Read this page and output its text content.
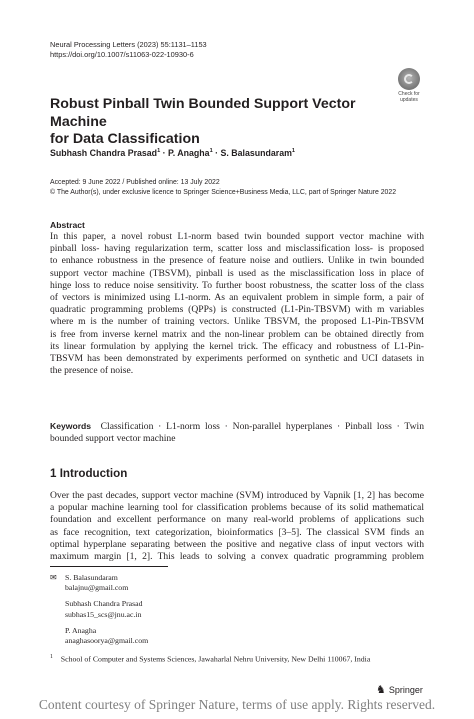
Neural Processing Letters (2023) 55:1131–1153
https://doi.org/10.1007/s11063-022-10930-6
Check for
updates
Robust Pinball Twin Bounded Support Vector Machine
for Data Classification
Subhash Chandra Prasad$^1$ · P. Anagha$^1$ · S. Balasundaram$^1$
Accepted: 9 June 2022 / Published online: 13 July 2022
© The Author(s), under exclusive licence to Springer Science+Business Media, LLC, part of Springer Nature 2022
Abstract
In this paper, a novel robust L1-norm based twin bounded support vector machine with
pinball loss- having regularization term, scatter loss and misclassification loss- is proposed
to enhance robustness in the presence of feature noise and outliers. Unlike in twin bounded
support vector machine (TBSVM), pinball is used as the misclassification loss in place of
hinge loss to reduce noise sensitivity. To further boost robustness, the scatter loss of the class
of vectors is minimized using L1-norm. As an equivalent problem in simple form, a pair of
quadratic programming problems (QPPs) is constructed (L1-Pin-TBSVM) with m variables
where m is the number of training vectors. Unlike TBSVM, the proposed L1-Pin-TBSVM
is free from inverse kernel matrix and the non-linear problem can be obtained directly from
its linear formulation by applying the kernel trick. The efficacy and robustness of L1-Pin-
TBSVM has been demonstrated by experiments performed on synthetic and UCI datasets in
the presence of noise.
Keywords Classification · L1-norm loss · Non-parallel hyperplanes · Pinball loss · Twin
bounded support vector machine
1 Introduction
Over the past decades, support vector machine (SVM) introduced by Vapnik [1, 2] has become
a popular machine learning tool for classification problems because of its solid mathematical
foundation and excellent performance on many real-world problems of applications such
as face recognition, text categorization, bioinformatics [3–5]. The classical SVM finds an
optimal hyperplane separating between the positive and negative class of input vectors with
maximum margin [1, 2]. This leads to solving a convex quadratic programming problem
✉ S. Balasundaram
balajnu@gmail.com
Subhash Chandra Prasad
subhas15_scs@jnu.ac.in
P. Anagha
anaghasoorya@gmail.com
$^1$ School of Computer and Systems Sciences, Jawaharlal Nehru University, New Delhi 110067, India
♞ Springer
Content courtesy of Springer Nature, terms of use apply. Rights reserved.
